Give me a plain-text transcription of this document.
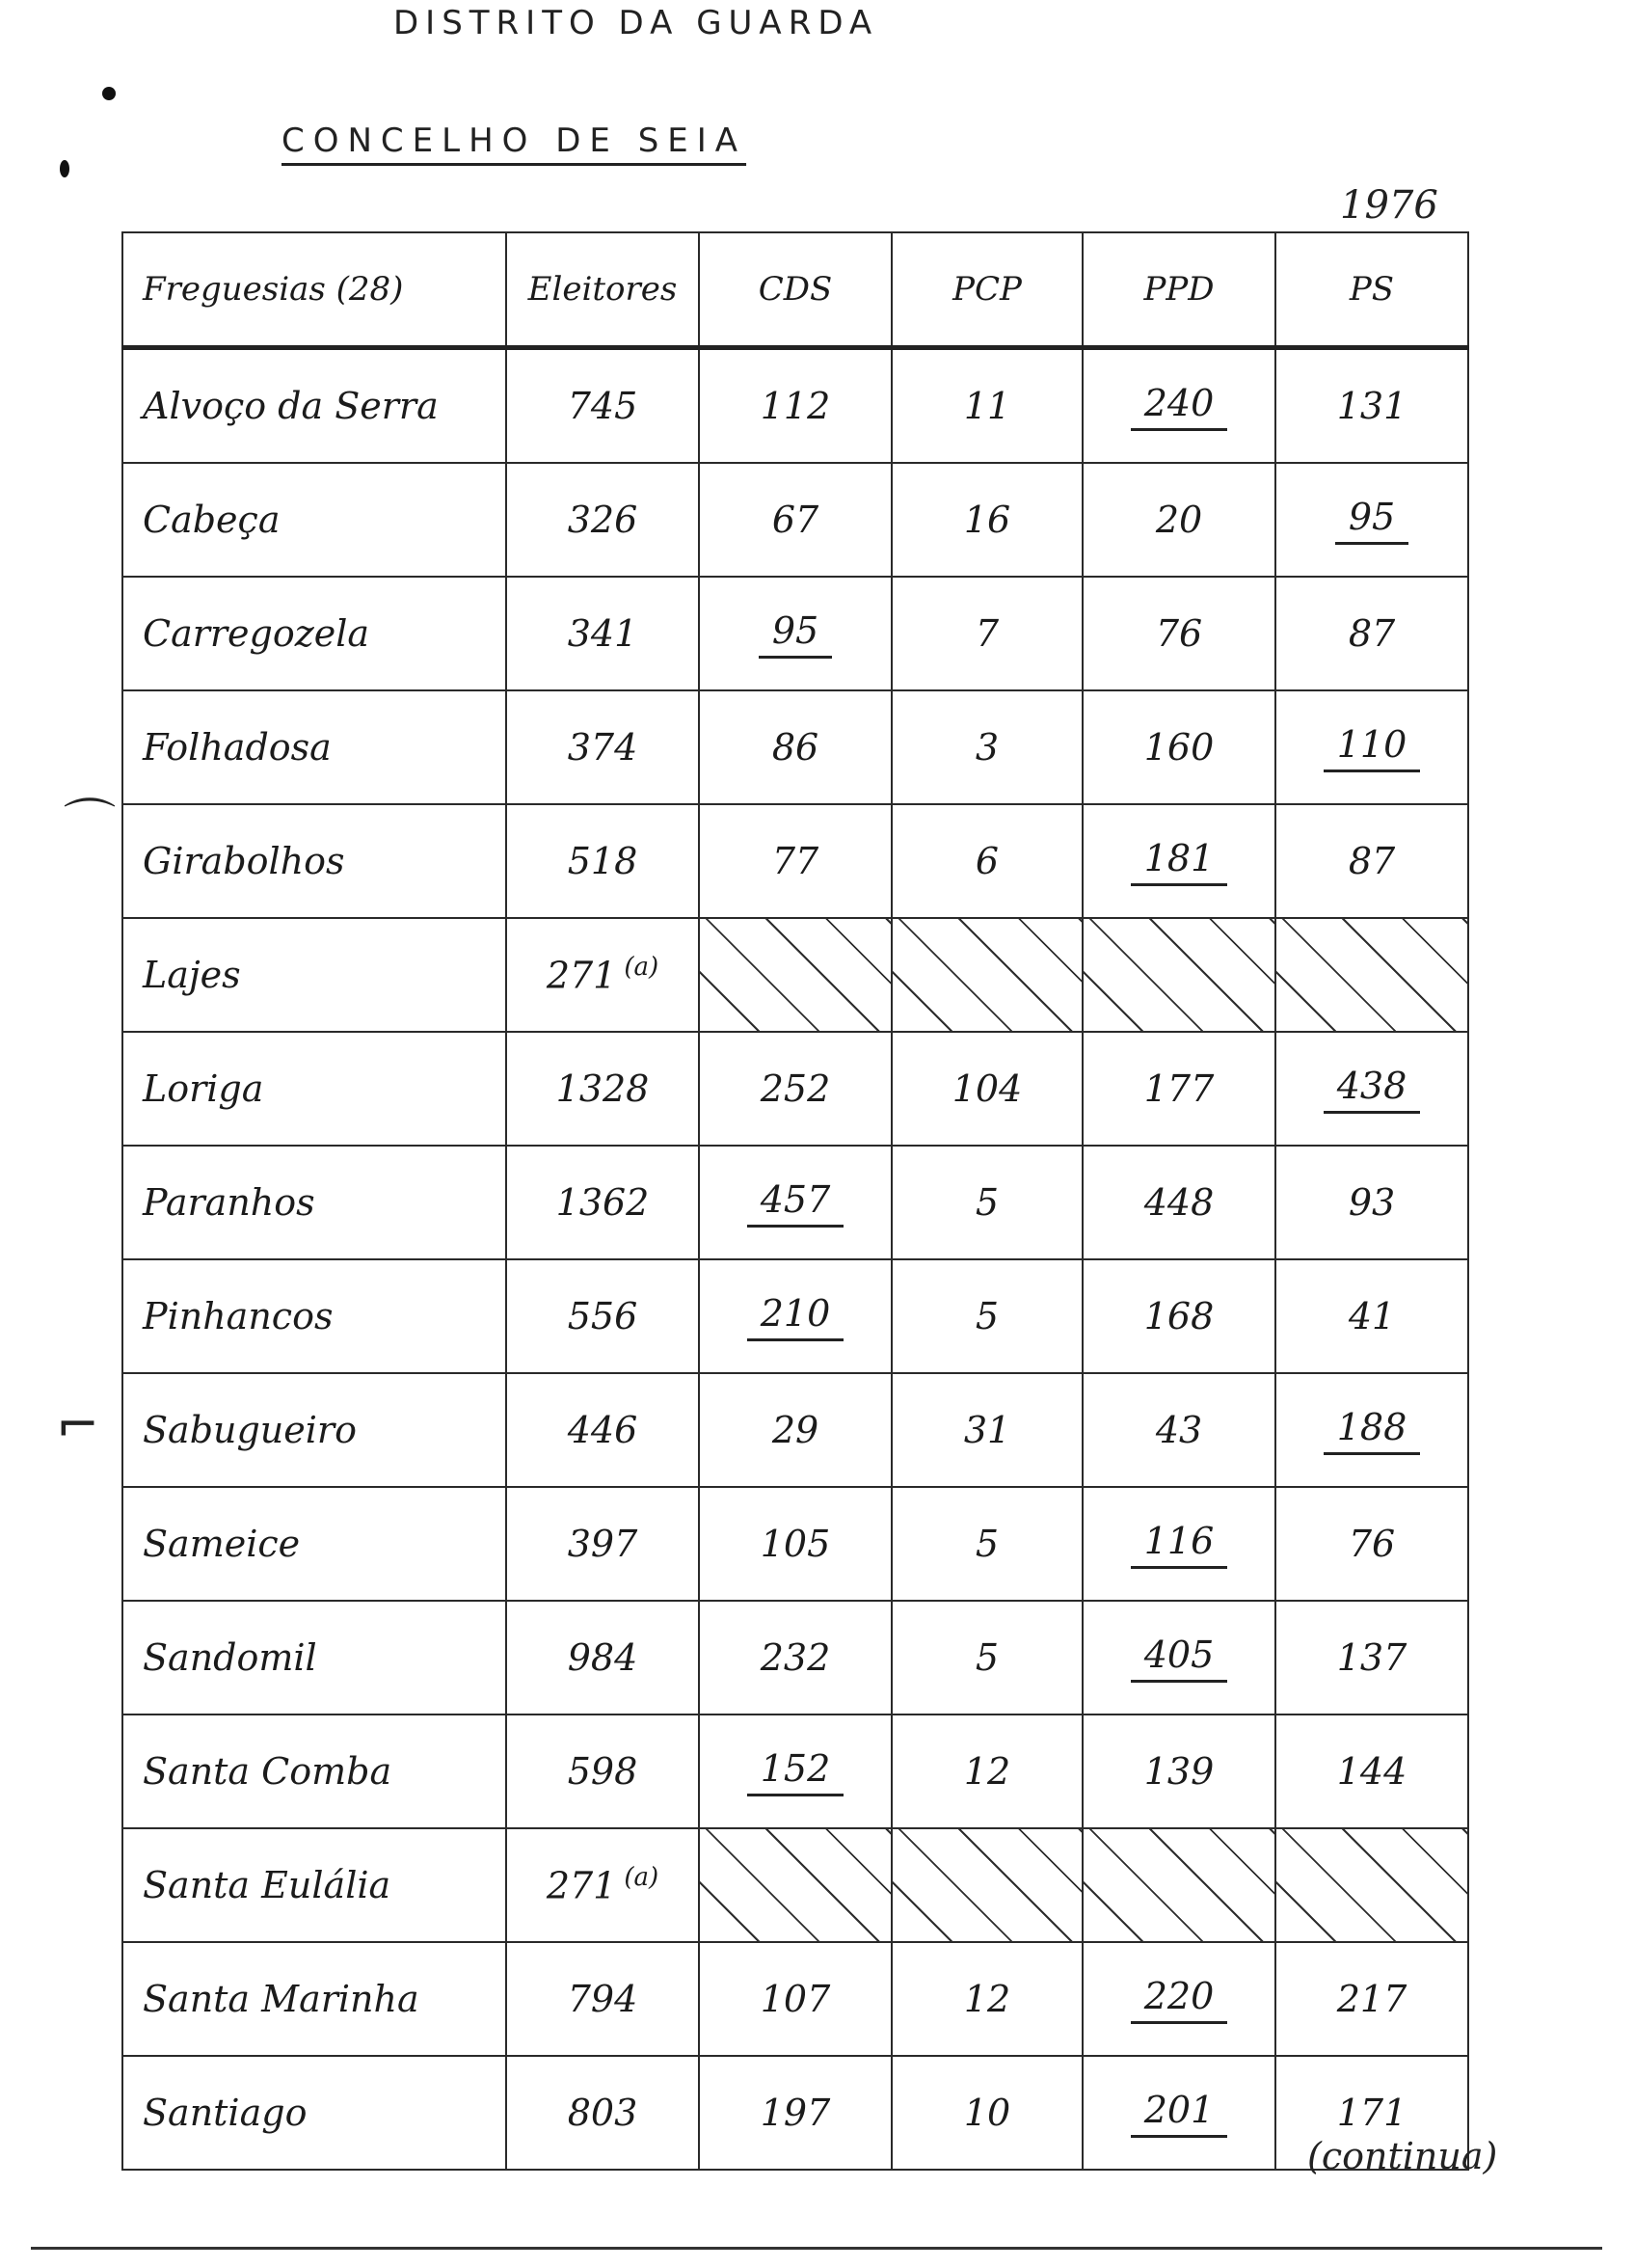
DISTRITO DA GUARDA
CONCELHO DE SEIA
1976
⌒
⌐
Freguesias (28)	Eleitores	CDS	PCP	PPD	PS
Alvoço da Serra	745	112	11	240	131
Cabeça	326	67	16	20	95
Carregozela	341	95	7	76	87
Folhadosa	374	86	3	160	110
Girabolhos	518	77	6	181	87
Lajes	271 $^{(a)}$				
Loriga	1328	252	104	177	438
Paranhos	1362	457	5	448	93
Pinhancos	556	210	5	168	41
Sabugueiro	446	29	31	43	188
Sameice	397	105	5	116	76
Sandomil	984	232	5	405	137
Santa Comba	598	152	12	139	144
Santa Eulália	271 $^{(a)}$				
Santa Marinha	794	107	12	220	217
Santiago	803	197	10	201	171
(continua)
